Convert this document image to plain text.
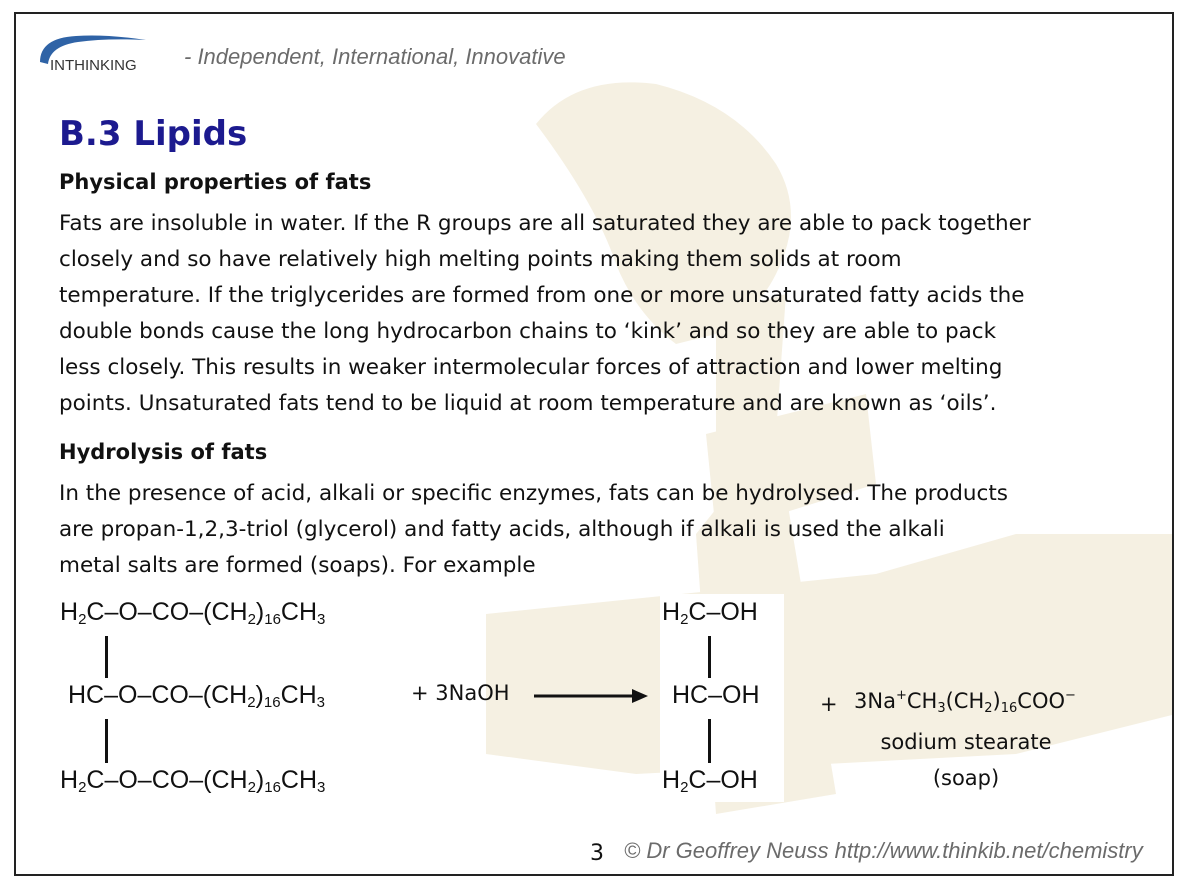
INTHINKING - Independent, International, Innovative
B.3 Lipids
Physical properties of fats
Fats are insoluble in water. If the R groups are all saturated they are able to pack together
closely and so have relatively high melting points making them solids at room
temperature. If the triglycerides are formed from one or more unsaturated fatty acids the
double bonds cause the long hydrocarbon chains to ‘kink’ and so they are able to pack
less closely. This results in weaker intermolecular forces of attraction and lower melting
points. Unsaturated fats tend to be liquid at room temperature and are known as ‘oils’.
Hydrolysis of fats
In the presence of acid, alkali or specific enzymes, fats can be hydrolysed. The products
are propan-1,2,3-triol (glycerol) and fatty acids, although if alkali is used the alkali
metal salts are formed (soaps). For example
$H_2C-O-CO-(CH_2)_{16}CH_3$
$HC-O-CO-(CH_2)_{16}CH_3$
$H_2C-O-CO-(CH_2)_{16}CH_3$
+ 3NaOH
$H_2C-OH$
HC–OH
$H_2C-OH$
+ $3Na^+CH_3(CH_2)_{16}COO^-$
sodium stearate
(soap)
3 © Dr Geoffrey Neuss http://www.thinkib.net/chemistry
